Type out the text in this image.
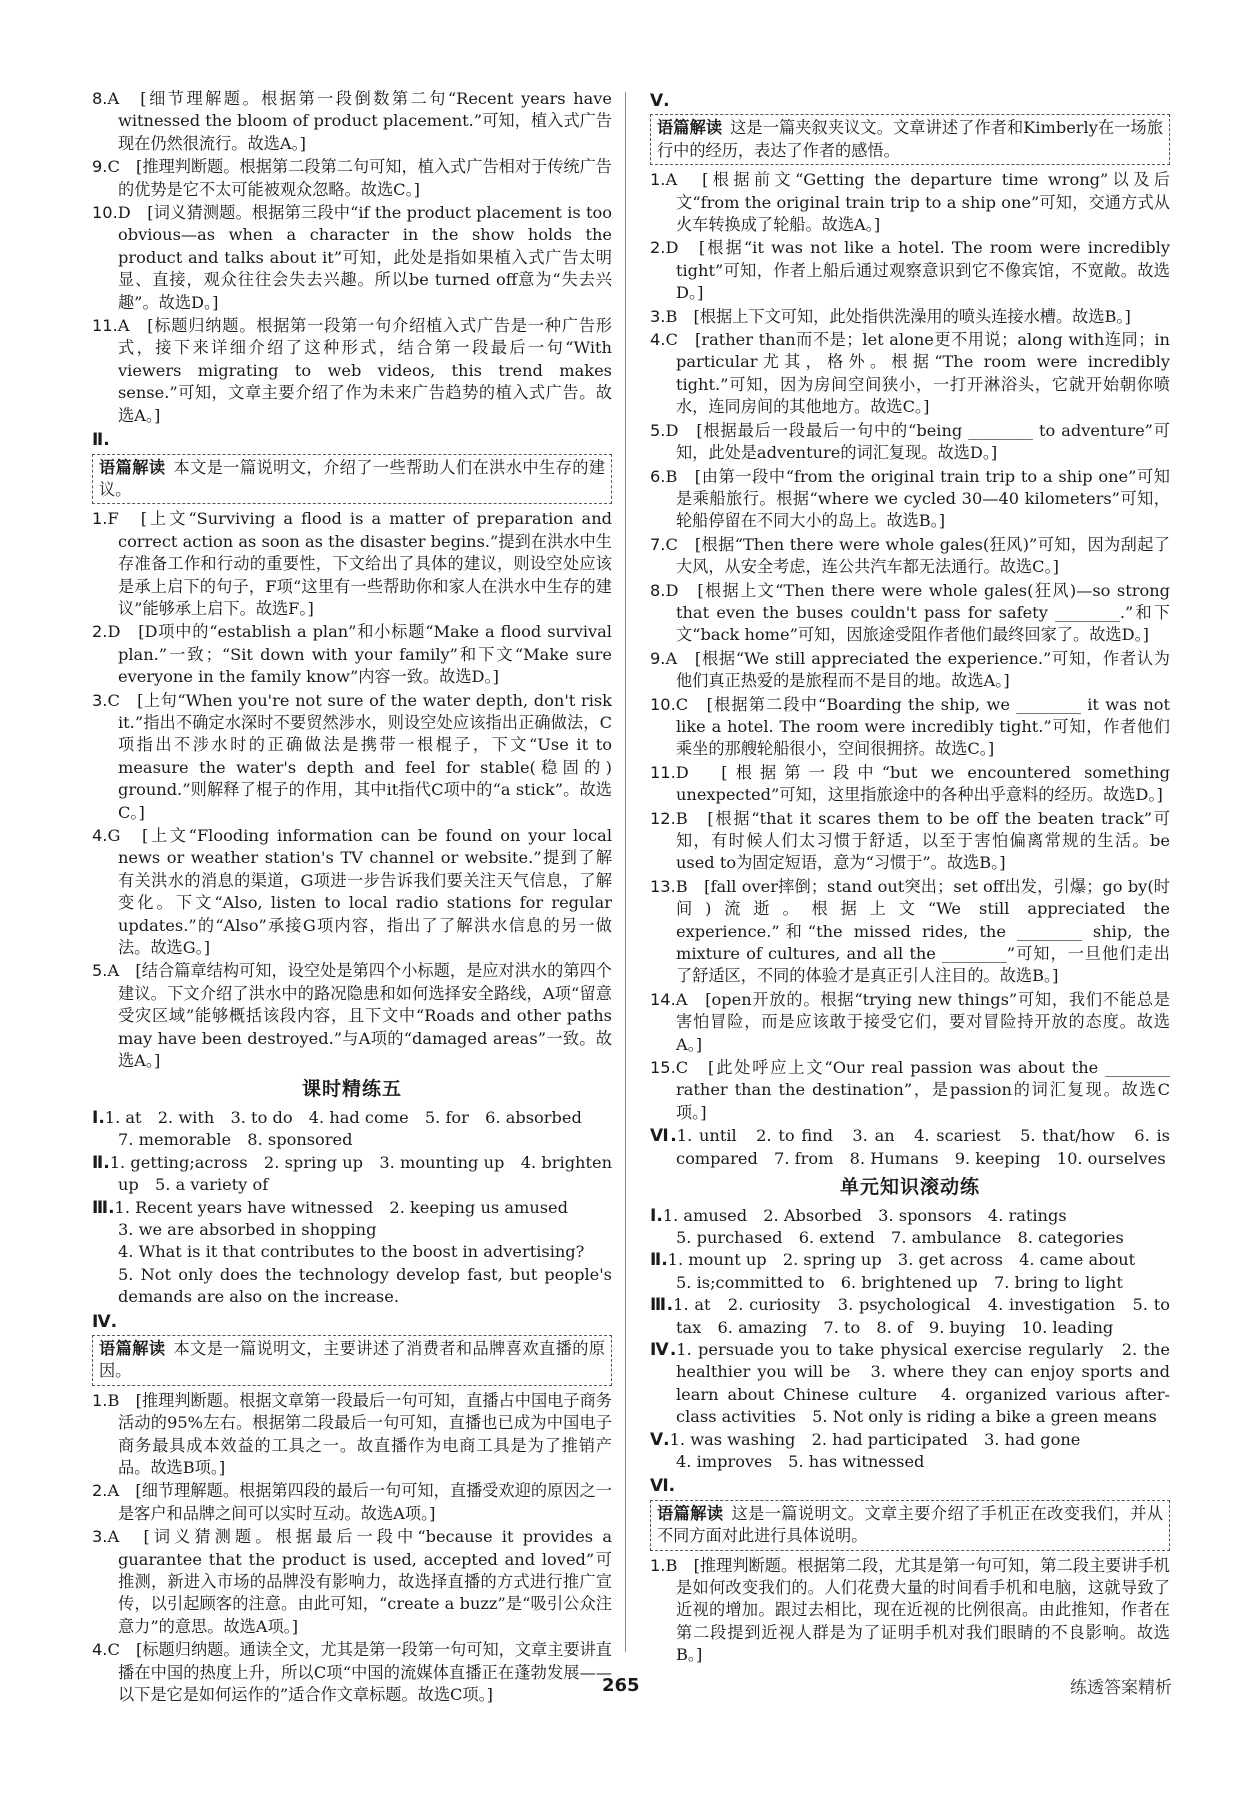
8.A　[细节理解题。根据第一段倒数第二句“Recent years have witnessed the bloom of product placement.”可知，植入式广告现在仍然很流行。故选A。]
9.C　[推理判断题。根据第二段第二句可知，植入式广告相对于传统广告的优势是它不太可能被观众忽略。故选C。]
10.D　[词义猜测题。根据第三段中“if the product placement is too obvious—as when a character in the show holds the product and talks about it”可知，此处是指如果植入式广告太明显、直接，观众往往会失去兴趣。所以be turned off意为“失去兴趣”。故选D。]
11.A　[标题归纳题。根据第一段第一句介绍植入式广告是一种广告形式，接下来详细介绍了这种形式，结合第一段最后一句“With viewers migrating to web videos, this trend makes sense.”可知，文章主要介绍了作为未来广告趋势的植入式广告。故选A。]
Ⅱ.
语篇解读 本文是一篇说明文，介绍了一些帮助人们在洪水中生存的建议。
1.F　[上文“Surviving a flood is a matter of preparation and correct action as soon as the disaster begins.”提到在洪水中生存准备工作和行动的重要性，下文给出了具体的建议，则设空处应该是承上启下的句子，F项“这里有一些帮助你和家人在洪水中生存的建议”能够承上启下。故选F。]
2.D　[D项中的“establish a plan”和小标题“Make a flood survival plan.”一致；“Sit down with your family”和下文“Make sure everyone in the family know”内容一致。故选D。]
3.C　[上句“When you're not sure of the water depth, don't risk it.”指出不确定水深时不要贸然涉水，则设空处应该指出正确做法，C项指出不涉水时的正确做法是携带一根棍子，下文“Use it to measure the water's depth and feel for stable(稳固的) ground.”则解释了棍子的作用，其中it指代C项中的“a stick”。故选C。]
4.G　[上文“Flooding information can be found on your local news or weather station's TV channel or website.”提到了解有关洪水的消息的渠道，G项进一步告诉我们要关注天气信息，了解变化。下文“Also, listen to local radio stations for regular updates.”的“Also”承接G项内容，指出了了解洪水信息的另一做法。故选G。]
5.A　[结合篇章结构可知，设空处是第四个小标题，是应对洪水的第四个建议。下文介绍了洪水中的路况隐患和如何选择安全路线，A项“留意受灾区域”能够概括该段内容，且下文中“Roads and other paths may have been destroyed.”与A项的“damaged areas”一致。故选A。]
课时精练五
Ⅰ.1. at　2. with　3. to do　4. had come　5. for　6. absorbed
7. memorable　8. sponsored
Ⅱ.1. getting;across　2. spring up　3. mounting up　4. brighten up　5. a variety of
Ⅲ.1. Recent years have witnessed　2. keeping us amused
3. we are absorbed in shopping
4. What is it that contributes to the boost in advertising?
5. Not only does the technology develop fast, but people's demands are also on the increase.
Ⅳ.
语篇解读 本文是一篇说明文，主要讲述了消费者和品牌喜欢直播的原因。
1.B　[推理判断题。根据文章第一段最后一句可知，直播占中国电子商务活动的95%左右。根据第二段最后一句可知，直播也已成为中国电子商务最具成本效益的工具之一。故直播作为电商工具是为了推销产品。故选B项。]
2.A　[细节理解题。根据第四段的最后一句可知，直播受欢迎的原因之一是客户和品牌之间可以实时互动。故选A项。]
3.A　[词义猜测题。根据最后一段中“because it provides a guarantee that the product is used, accepted and loved”可推测，新进入市场的品牌没有影响力，故选择直播的方式进行推广宣传，以引起顾客的注意。由此可知，“create a buzz”是“吸引公众注意力”的意思。故选A项。]
4.C　[标题归纳题。通读全文，尤其是第一段第一句可知，文章主要讲直播在中国的热度上升，所以C项“中国的流媒体直播正在蓬勃发展——以下是它是如何运作的”适合作文章标题。故选C项。]
Ⅴ.
语篇解读 这是一篇夹叙夹议文。文章讲述了作者和Kimberly在一场旅行中的经历，表达了作者的感悟。
1.A　[根据前文“Getting the departure time wrong”以及后文“from the original train trip to a ship one”可知，交通方式从火车转换成了轮船。故选A。]
2.D　[根据“it was not like a hotel. The room were incredibly tight”可知，作者上船后通过观察意识到它不像宾馆，不宽敞。故选D。]
3.B　[根据上下文可知，此处指供洗澡用的喷头连接水槽。故选B。]
4.C　[rather than而不是；let alone更不用说；along with连同；in particular尤其，格外。根据“The room were incredibly tight.”可知，因为房间空间狭小，一打开淋浴头，它就开始朝你喷水，连同房间的其他地方。故选C。]
5.D　[根据最后一段最后一句中的“being ________ to adventure”可知，此处是adventure的词汇复现。故选D。]
6.B　[由第一段中“from the original train trip to a ship one”可知是乘船旅行。根据“where we cycled 30—40 kilometers”可知，轮船停留在不同大小的岛上。故选B。]
7.C　[根据“Then there were whole gales(狂风)”可知，因为刮起了大风，从安全考虑，连公共汽车都无法通行。故选C。]
8.D　[根据上文“Then there were whole gales(狂风)—so strong that even the buses couldn't pass for safety ________.”和下文“back home”可知，因旅途受阻作者他们最终回家了。故选D。]
9.A　[根据“We still appreciated the experience.”可知，作者认为他们真正热爱的是旅程而不是目的地。故选A。]
10.C　[根据第二段中“Boarding the ship, we ________ it was not like a hotel. The room were incredibly tight.”可知，作者他们乘坐的那艘轮船很小，空间很拥挤。故选C。]
11.D　[根据第一段中“but we encountered something unexpected”可知，这里指旅途中的各种出乎意料的经历。故选D。]
12.B　[根据“that it scares them to be off the beaten track”可知，有时候人们太习惯于舒适，以至于害怕偏离常规的生活。be used to为固定短语，意为“习惯于”。故选B。]
13.B　[fall over摔倒；stand out突出；set off出发，引爆；go by(时间)流逝。根据上文“We still appreciated the experience.”和“the missed rides, the ________ ship, the mixture of cultures, and all the ________”可知，一旦他们走出了舒适区，不同的体验才是真正引人注目的。故选B。]
14.A　[open开放的。根据“trying new things”可知，我们不能总是害怕冒险，而是应该敢于接受它们，要对冒险持开放的态度。故选A。]
15.C　[此处呼应上文“Our real passion was about the ________ rather than the destination”，是passion的词汇复现。故选C项。]
Ⅵ.1. until　2. to find　3. an　4. scariest　5. that/how　6. is compared　7. from　8. Humans　9. keeping　10. ourselves
单元知识滚动练
Ⅰ.1. amused　2. Absorbed　3. sponsors　4. ratings
5. purchased　6. extend　7. ambulance　8. categories
Ⅱ.1. mount up　2. spring up　3. get across　4. came about
5. is;committed to　6. brightened up　7. bring to light
Ⅲ.1. at　2. curiosity　3. psychological　4. investigation　5. to tax　6. amazing　7. to　8. of　9. buying　10. leading
Ⅳ.1. persuade you to take physical exercise regularly　2. the healthier you will be　3. where they can enjoy sports and learn about Chinese culture　4. organized various after-class activities　5. Not only is riding a bike a green means
Ⅴ.1. was washing　2. had participated　3. had gone
4. improves　5. has witnessed
Ⅵ.
语篇解读 这是一篇说明文。文章主要介绍了手机正在改变我们，并从不同方面对此进行具体说明。
1.B　[推理判断题。根据第二段，尤其是第一句可知，第二段主要讲手机是如何改变我们的。人们花费大量的时间看手机和电脑，这就导致了近视的增加。跟过去相比，现在近视的比例很高。由此推知，作者在第二段提到近视人群是为了证明手机对我们眼睛的不良影响。故选B。]
265	练透答案精析
